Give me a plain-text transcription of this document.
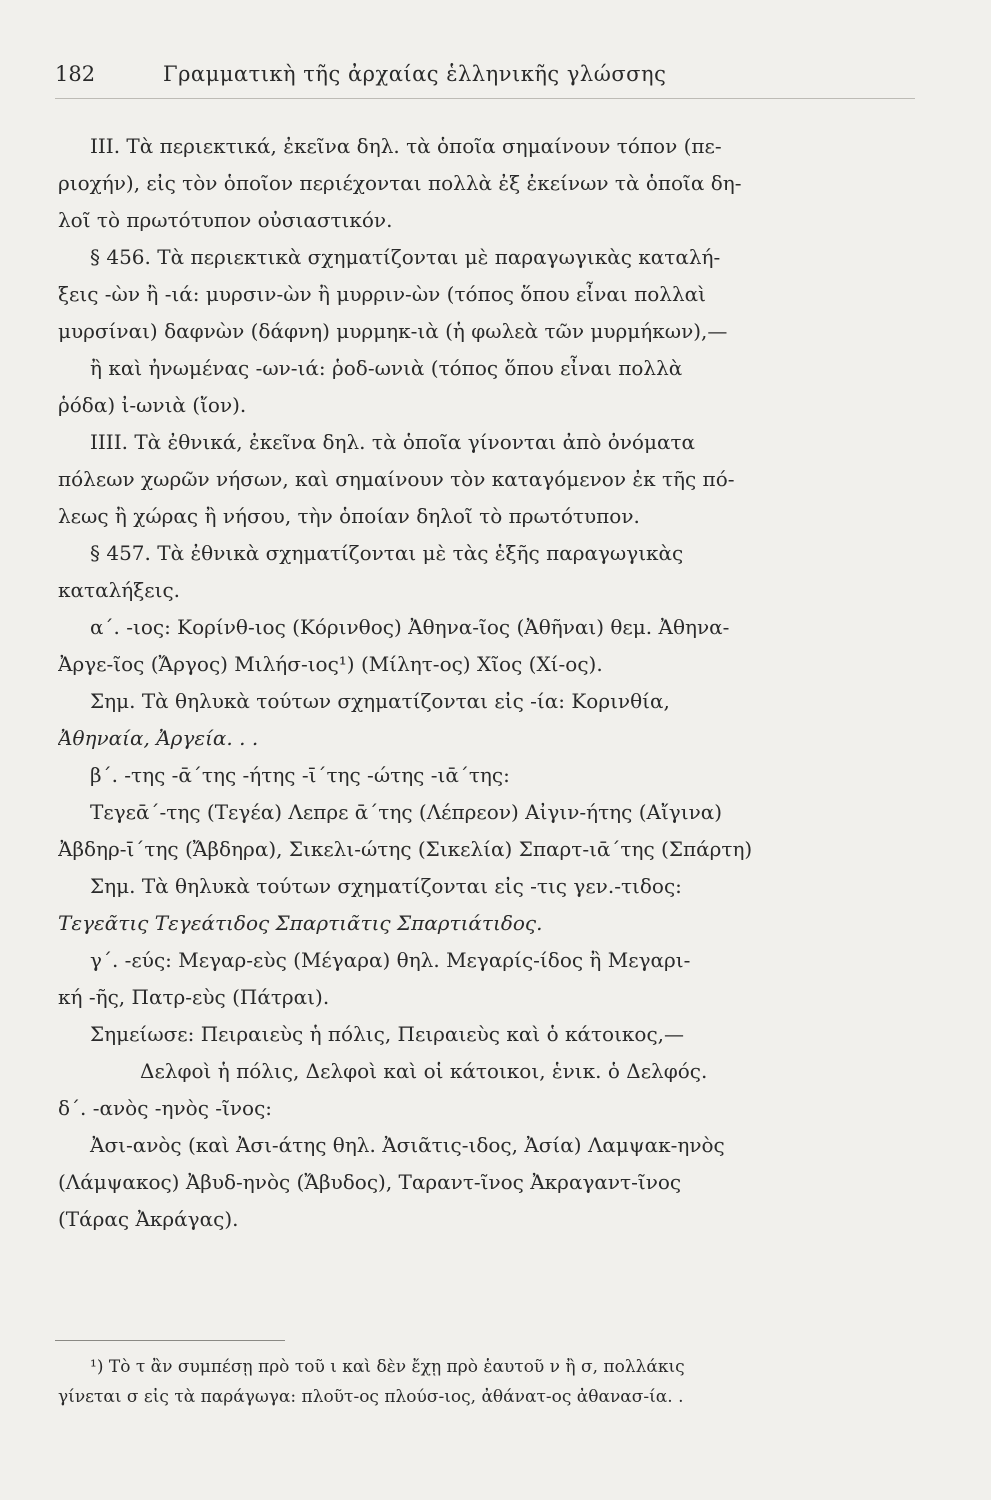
182	Γραμματικὴ τῆς ἀρχαίας ἑλληνικῆς γλώσσης
III. Τὰ περιεκτικά, ἐκεῖνα δηλ. τὰ ὁποῖα σημαίνουν τόπον (πε-
ριοχήν), εἰς τὸν ὁποῖον περιέχονται πολλὰ ἐξ ἐκείνων τὰ ὁποῖα δη-
λοῖ τὸ πρωτότυπον οὐσιαστικόν.
§ 456. Τὰ περιεκτικὰ σχηματίζονται μὲ παραγωγικὰς καταλή-
ξεις -ὼν ἢ -ιά: μυρσιν-ὼν ἢ μυρριν-ὼν (τόπος ὅπου εἶναι πολλαὶ
μυρσίναι) δαφνὼν (δάφνη) μυρμηκ-ιὰ (ἡ φωλεὰ τῶν μυρμήκων),—
ἢ καὶ ἠνωμένας -ων-ιά: ῥοδ-ωνιὰ (τόπος ὅπου εἶναι πολλὰ
ῥόδα) ἰ-ωνιὰ (ἴον).
IIII. Τὰ ἐθνικά, ἐκεῖνα δηλ. τὰ ὁποῖα γίνονται ἀπὸ ὀνόματα
πόλεων χωρῶν νήσων, καὶ σημαίνουν τὸν καταγόμενον ἐκ τῆς πό-
λεως ἢ χώρας ἢ νήσου, τὴν ὁποίαν δηλοῖ τὸ πρωτότυπον.
§ 457. Τὰ ἐθνικὰ σχηματίζονται μὲ τὰς ἑξῆς παραγωγικὰς
καταλήξεις.
α΄. -ιος: Κορίνθ-ιος (Κόρινθος) Ἀθηνα-ῖος (Ἀθῆναι) θεμ. Ἀθηνα-
Ἀργε-ῖος (Ἄργος) Μιλήσ-ιος¹) (Μίλητ-ος) Χῖος (Χί-ος).
Σημ. Τὰ θηλυκὰ τούτων σχηματίζονται εἰς -ία: Κορινθία,
Ἀθηναία, Ἀργεία. . .
β΄. -της -ᾱ΄της -ήτης -ῑ΄της -ώτης -ιᾱ΄της:
Τεγεᾱ΄-της (Τεγέα) Λεπρε ᾱ΄της (Λέπρεον) Αἰγιν-ήτης (Αἴγινα)
Ἀβδηρ-ῑ΄της (Ἄβδηρα), Σικελι-ώτης (Σικελία) Σπαρτ-ιᾱ΄της (Σπάρτη)
Σημ. Τὰ θηλυκὰ τούτων σχηματίζονται εἰς -τις γεν.-τιδος:
Τεγεᾶτις Τεγεάτιδος Σπαρτιᾶτις Σπαρτιάτιδος.
γ΄. -εύς: Μεγαρ-εὺς (Μέγαρα) θηλ. Μεγαρίς-ίδος ἢ Μεγαρι-
κή -ῆς, Πατρ-εὺς (Πάτραι).
Σημείωσε: Πειραιεὺς ἡ πόλις, Πειραιεὺς καὶ ὁ κάτοικος,—
Δελφοὶ ἡ πόλις, Δελφοὶ καὶ οἱ κάτοικοι, ἑνικ. ὁ Δελφός.
δ΄. -ανὸς -ηνὸς -ῖνος:
Ἀσι-ανὸς (καὶ Ἀσι-άτης θηλ. Ἀσιᾶτις-ιδος, Ἀσία) Λαμψακ-ηνὸς
(Λάμψακος) Ἀβυδ-ηνὸς (Ἄβυδος), Ταραντ-ῖνος Ἀκραγαντ-ῖνος
(Τάρας Ἀκράγας).
¹) Τὸ τ ἂν συμπέσῃ πρὸ τοῦ ι καὶ δὲν ἔχῃ πρὸ ἑαυτοῦ ν ἢ σ, πολλάκις
γίνεται σ εἰς τὰ παράγωγα: πλοῦτ-ος πλούσ-ιος, ἀθάνατ-ος ἀθανασ-ία. .
